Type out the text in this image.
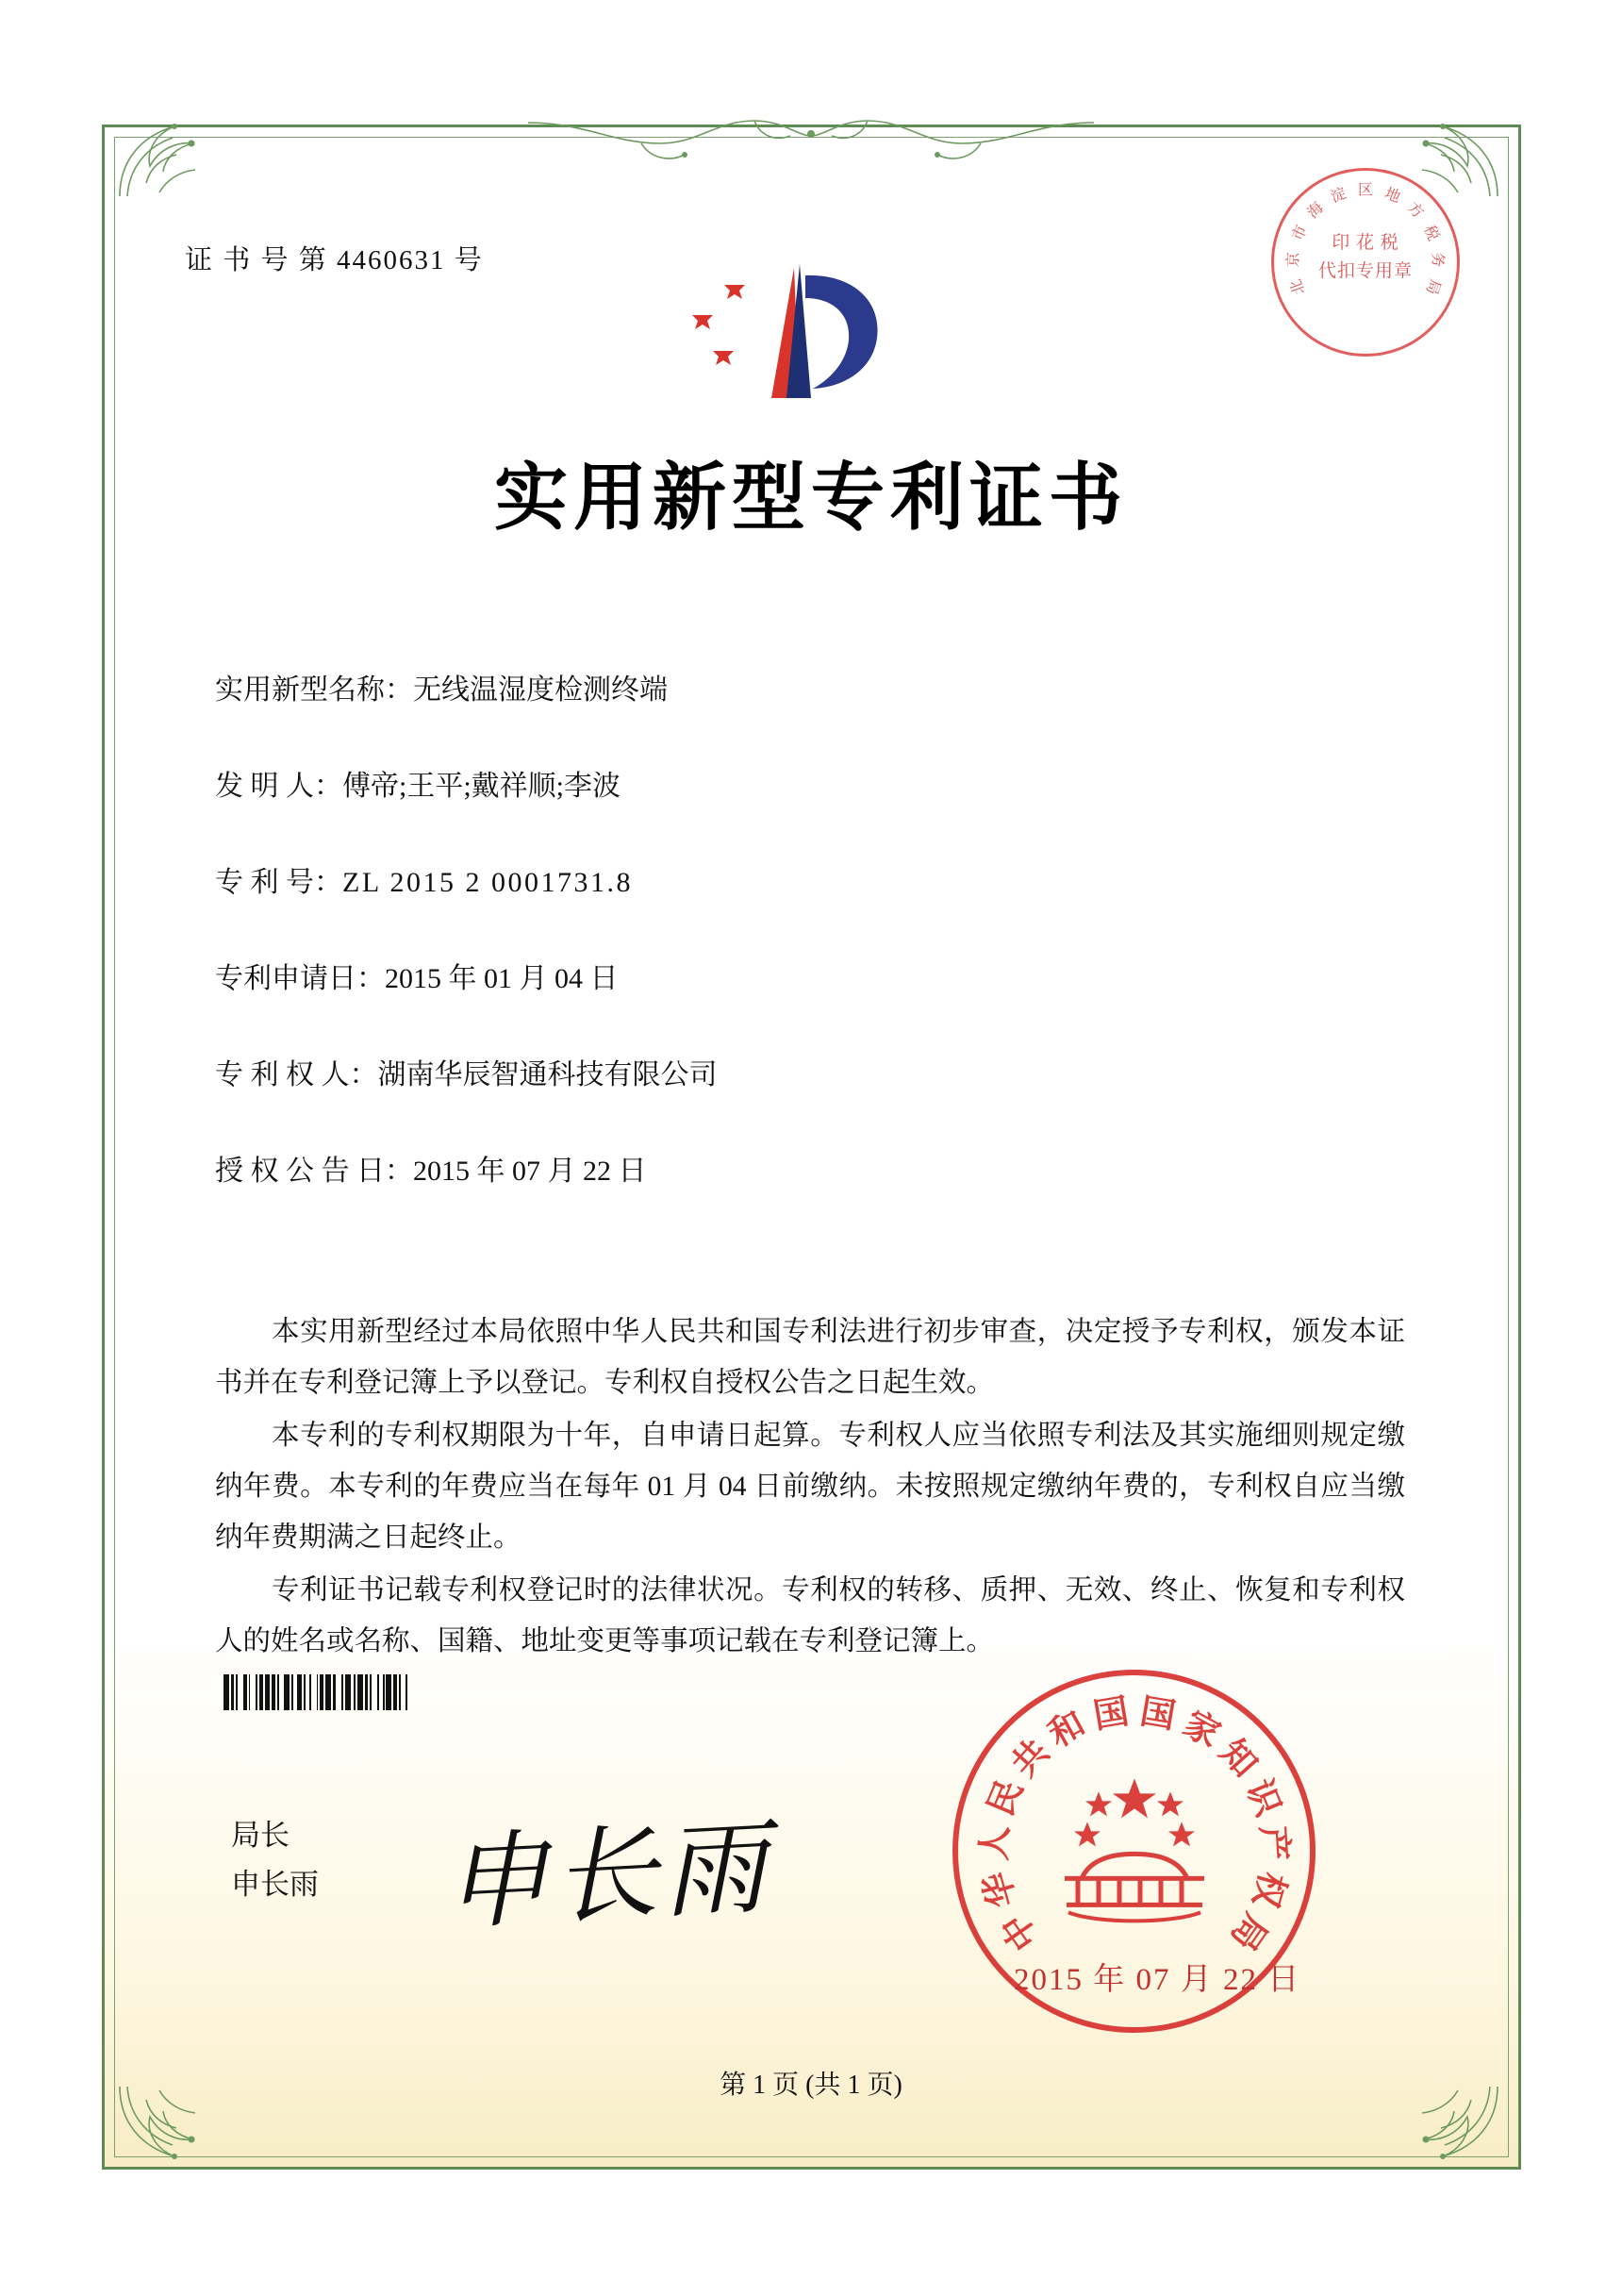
证 书 号 第 4460631 号
北
京
市
海
淀 区 地
方
税
务
局
印 花 税
代扣专用章
实用新型专利证书
实用新型名称：无线温湿度检测终端
发 明 人：傅帝;王平;戴祥顺;李波
专 利 号：ZL 2015 2 0001731.8
专利申请日：2015 年 01 月 04 日
专 利 权 人：湖南华辰智通科技有限公司
授 权 公 告 日：2015 年 07 月 22 日

本实用新型经过本局依照中华人民共和国专利法进行初步审查，决定授予专利权，颁发本证书并在专利登记簿上予以登记。专利权自授权公告之日起生效。

本专利的专利权期限为十年，自申请日起算。专利权人应当依照专利法及其实施细则规定缴纳年费。本专利的年费应当在每年 01 月 04 日前缴纳。未按照规定缴纳年费的，专利权自应当缴纳年费期满之日起终止。

专利证书记载专利权登记时的法律状况。专利权的转移、质押、无效、终止、恢复和专利权人的姓名或名称、国籍、地址变更等事项记载在专利登记簿上。

局长
申长雨 申长雨	中
华
人
民
共
和
国 国
家
知
识
产
权
局
2015 年 07 月 22 日
第 1 页 (共 1 页)
